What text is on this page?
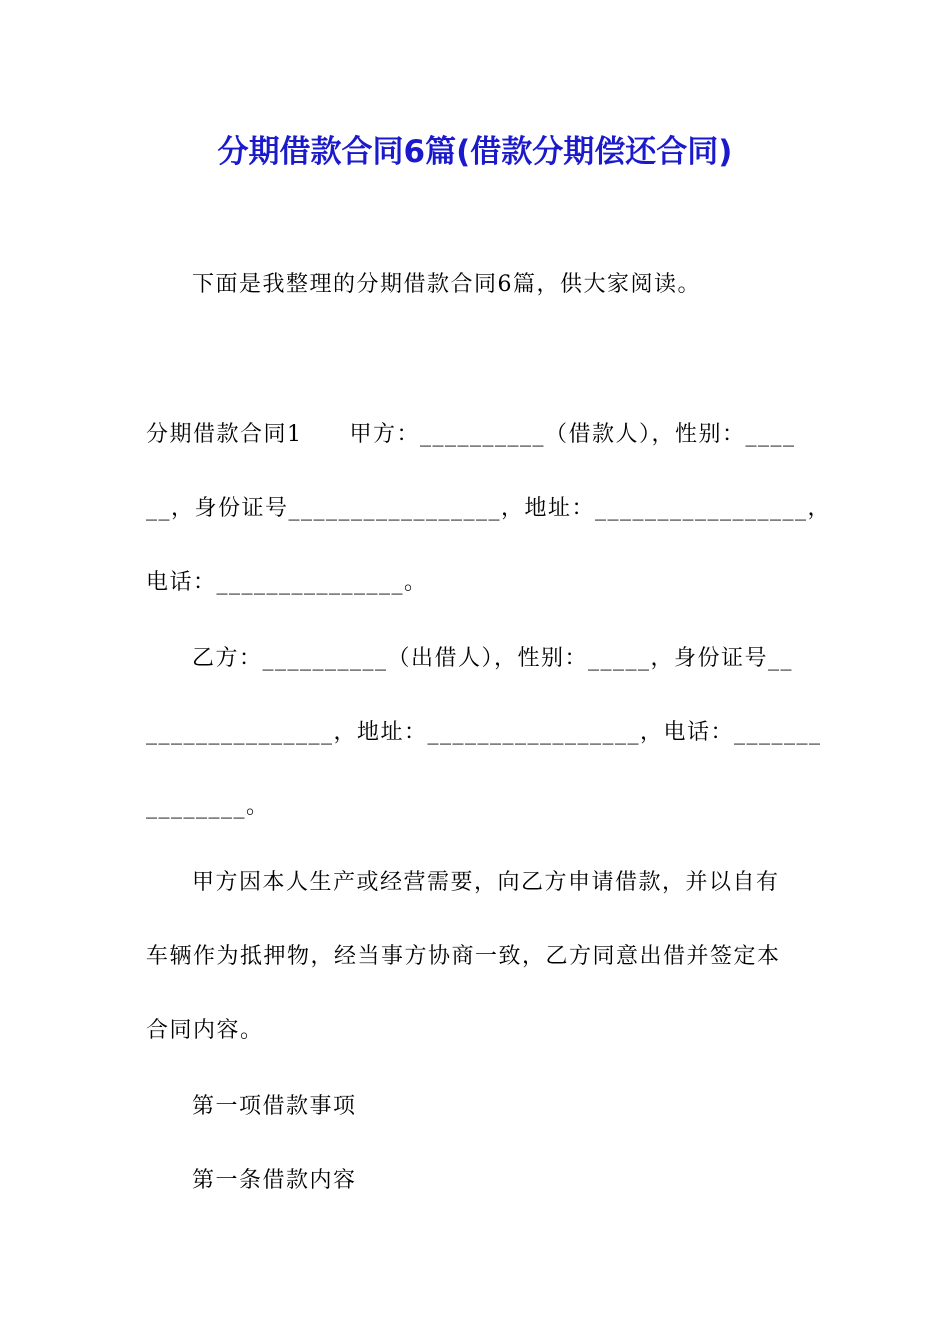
分期借款合同6篇(借款分期偿还合同)
下面是我整理的分期借款合同6篇，供大家阅读。
分期借款合同1　　甲方：__________（借款人），性别：____
__，身份证号_________________，地址：_________________，
电话：_______________。
乙方：__________（出借人），性别：_____，身份证号__
_______________，地址：_________________，电话：_______
________。
甲方因本人生产或经营需要，向乙方申请借款，并以自有
车辆作为抵押物，经当事方协商一致，乙方同意出借并签定本
合同内容。
第一项借款事项
第一条借款内容
